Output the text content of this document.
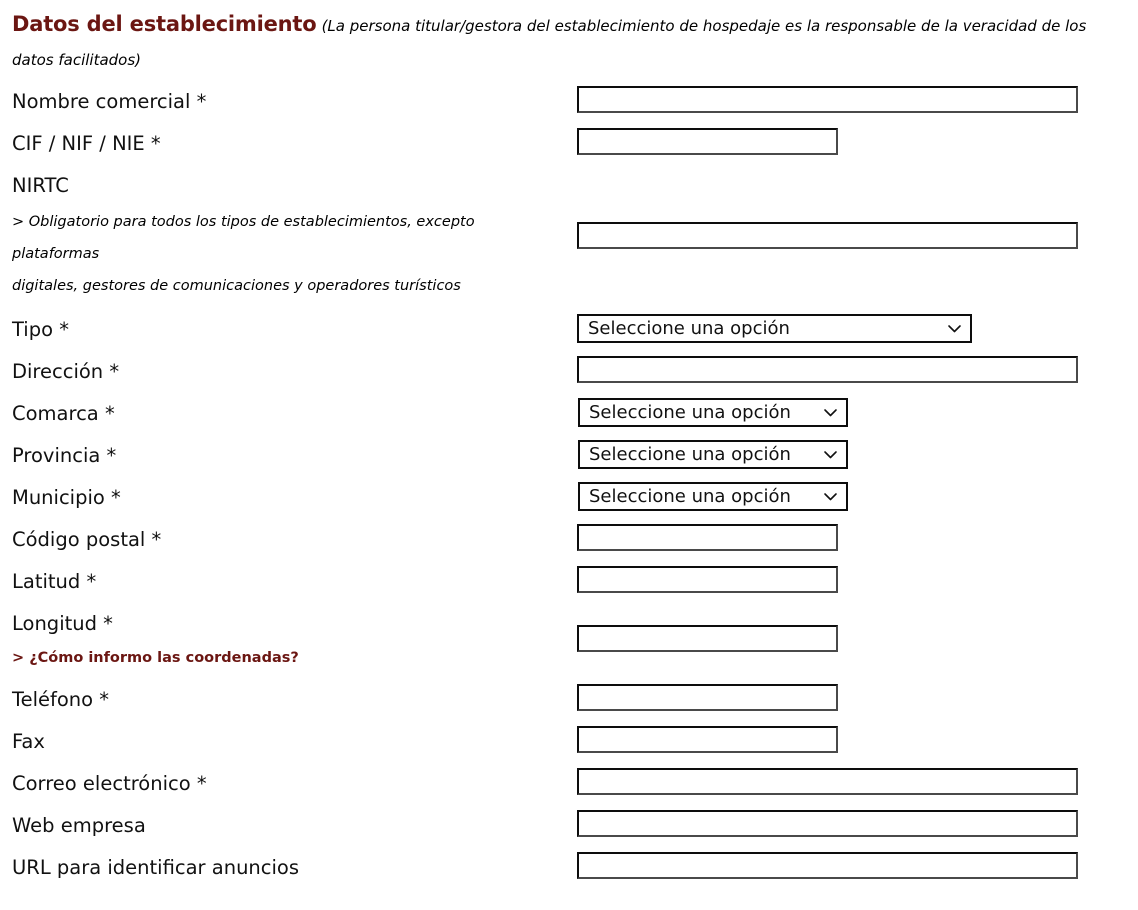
Datos del establecimiento (La persona titular/gestora del establecimiento de hospedaje es la responsable de la veracidad de los datos facilitados)
Nombre comercial *
CIF / NIF / NIE *
NIRTC
> Obligatorio para todos los tipos de establecimientos, excepto
plataformas
digitales, gestores de comunicaciones y operadores turísticos
Tipo *	Seleccione una opción
Dirección *
Comarca *	Seleccione una opción
Provincia *	Seleccione una opción
Municipio *	Seleccione una opción
Código postal *
Latitud *
Longitud *
> ¿Cómo informo las coordenadas?
Teléfono *
Fax
Correo electrónico *
Web empresa
URL para identificar anuncios
